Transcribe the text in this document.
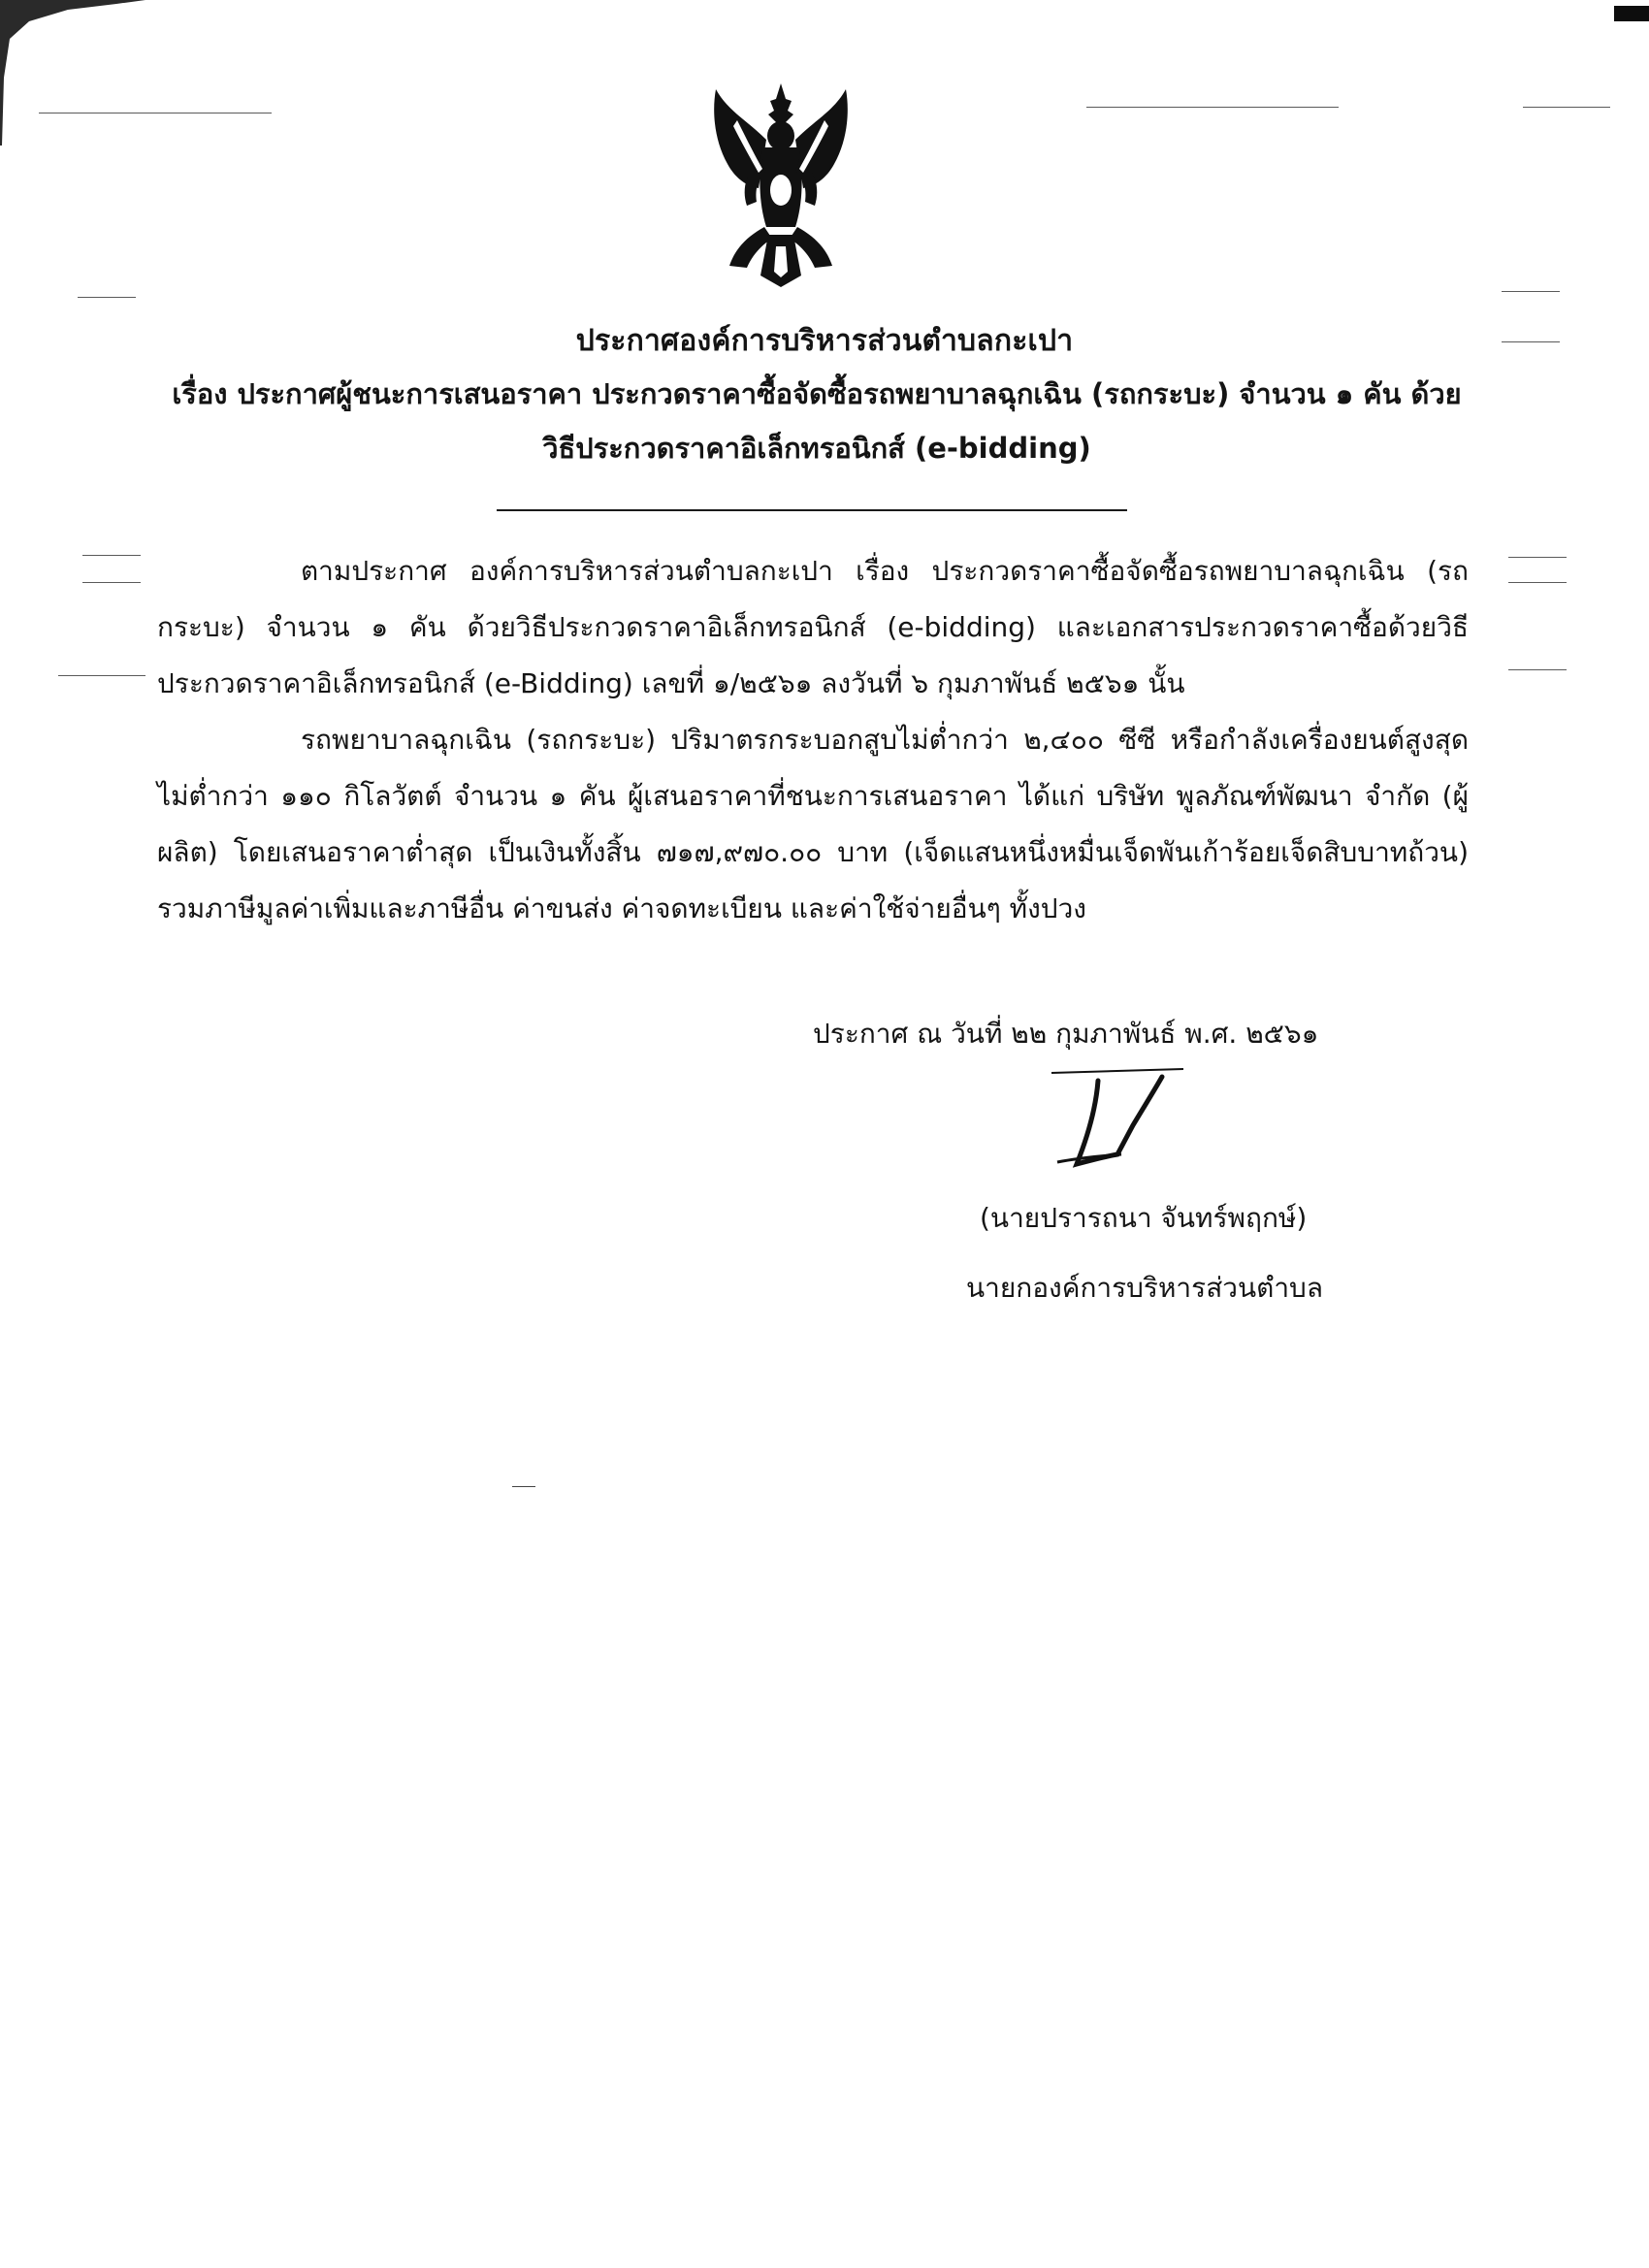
ประกาศองค์การบริหารส่วนตำบลกะเปา
เรื่อง ประกาศผู้ชนะการเสนอราคา ประกวดราคาซื้อจัดซื้อรถพยาบาลฉุกเฉิน (รถกระบะ) จำนวน ๑ คัน ด้วยวิธีประกวดราคาอิเล็กทรอนิกส์ (e-bidding)
ตามประกาศ องค์การบริหารส่วนตำบลกะเปา เรื่อง ประกวดราคาซื้อจัดซื้อรถพยาบาลฉุกเฉิน (รถกระบะ) จำนวน ๑ คัน ด้วยวิธีประกวดราคาอิเล็กทรอนิกส์ (e-bidding) และเอกสารประกวดราคาซื้อด้วยวิธีประกวดราคาอิเล็กทรอนิกส์ (e-Bidding) เลขที่ ๑/๒๕๖๑ ลงวันที่ ๖ กุมภาพันธ์ ๒๕๖๑ นั้น
รถพยาบาลฉุกเฉิน (รถกระบะ) ปริมาตรกระบอกสูบไม่ต่ำกว่า ๒,๔๐๐ ซีซี หรือกำลังเครื่องยนต์สูงสุดไม่ต่ำกว่า ๑๑๐ กิโลวัตต์ จำนวน ๑ คัน ผู้เสนอราคาที่ชนะการเสนอราคา ได้แก่ บริษัท พูลภัณฑ์พัฒนา จำกัด (ผู้ผลิต) โดยเสนอราคาต่ำสุด เป็นเงินทั้งสิ้น ๗๑๗,๙๗๐.๐๐ บาท (เจ็ดแสนหนึ่งหมื่นเจ็ดพันเก้าร้อยเจ็ดสิบบาทถ้วน) รวมภาษีมูลค่าเพิ่มและภาษีอื่น ค่าขนส่ง ค่าจดทะเบียน และค่าใช้จ่ายอื่นๆ ทั้งปวง
ประกาศ ณ วันที่ ๒๒ กุมภาพันธ์ พ.ศ. ๒๕๖๑
(นายปรารถนา จันทร์พฤกษ์)
นายกองค์การบริหารส่วนตำบล
